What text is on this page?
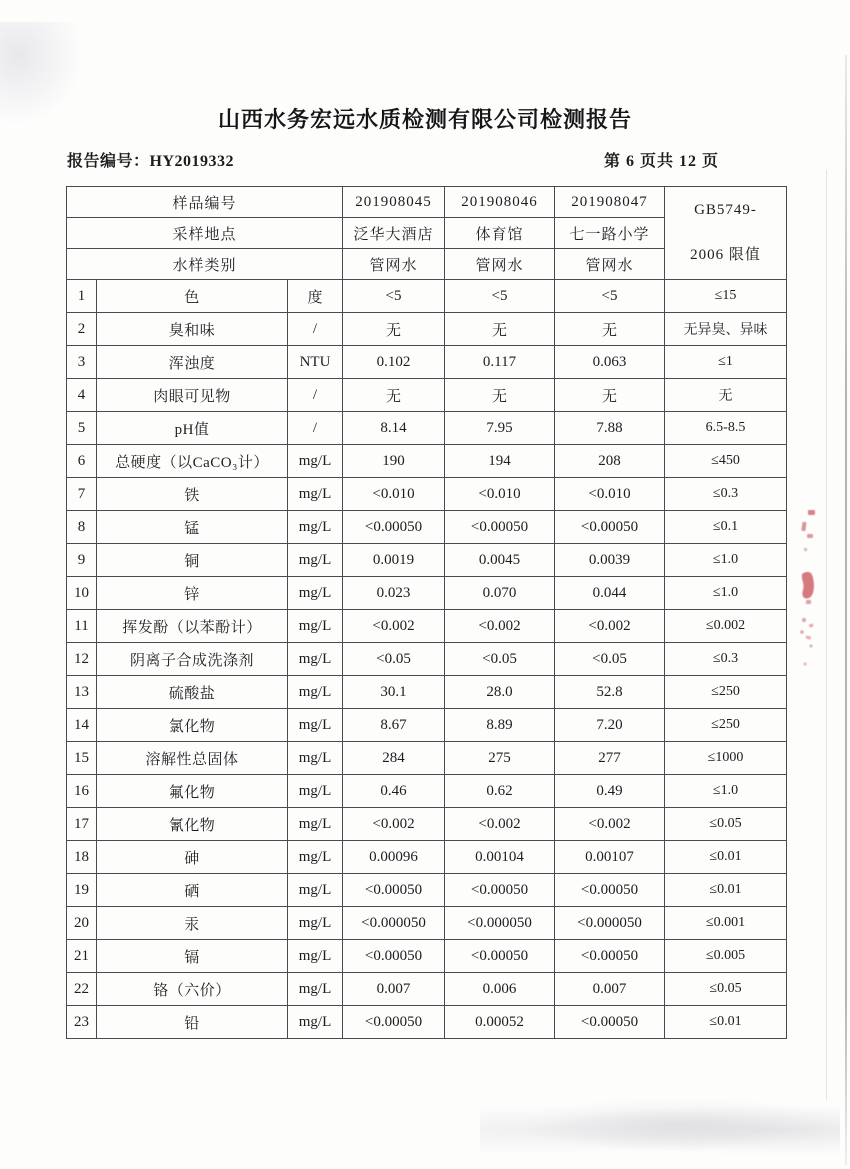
山西水务宏远水质检测有限公司检测报告
报告编号：HY2019332	第 6 页共 12 页
样品编号			201908045	201908046	201908047	GB5749-
2006 限值

采样地点			泛华大酒店	体育馆	七一路小学	
水样类别			管网水	管网水	管网水	
1	色	度	<5	<5	<5	≤15
2	臭和味	/	无	无	无	无异臭、异味
3	浑浊度	NTU	0.102	0.117	0.063	≤1
4	肉眼可见物	/	无	无	无	无
5	pH值	/	8.14	7.95	7.88	6.5-8.5
6	总硬度（以CaCO₃计）	mg/L	190	194	208	≤450
7	铁	mg/L	<0.010	<0.010	<0.010	≤0.3
8	锰	mg/L	<0.00050	<0.00050	<0.00050	≤0.1
9	铜	mg/L	0.0019	0.0045	0.0039	≤1.0
10	锌	mg/L	0.023	0.070	0.044	≤1.0
11	挥发酚（以苯酚计）	mg/L	<0.002	<0.002	<0.002	≤0.002
12	阴离子合成洗涤剂	mg/L	<0.05	<0.05	<0.05	≤0.3
13	硫酸盐	mg/L	30.1	28.0	52.8	≤250
14	氯化物	mg/L	8.67	8.89	7.20	≤250
15	溶解性总固体	mg/L	284	275	277	≤1000
16	氟化物	mg/L	0.46	0.62	0.49	≤1.0
17	氰化物	mg/L	<0.002	<0.002	<0.002	≤0.05
18	砷	mg/L	0.00096	0.00104	0.00107	≤0.01
19	硒	mg/L	<0.00050	<0.00050	<0.00050	≤0.01
20	汞	mg/L	<0.000050	<0.000050	<0.000050	≤0.001
21	镉	mg/L	<0.00050	<0.00050	<0.00050	≤0.005
22	铬（六价）	mg/L	0.007	0.006	0.007	≤0.05
23	铅	mg/L	<0.00050	0.00052	<0.00050	≤0.01
